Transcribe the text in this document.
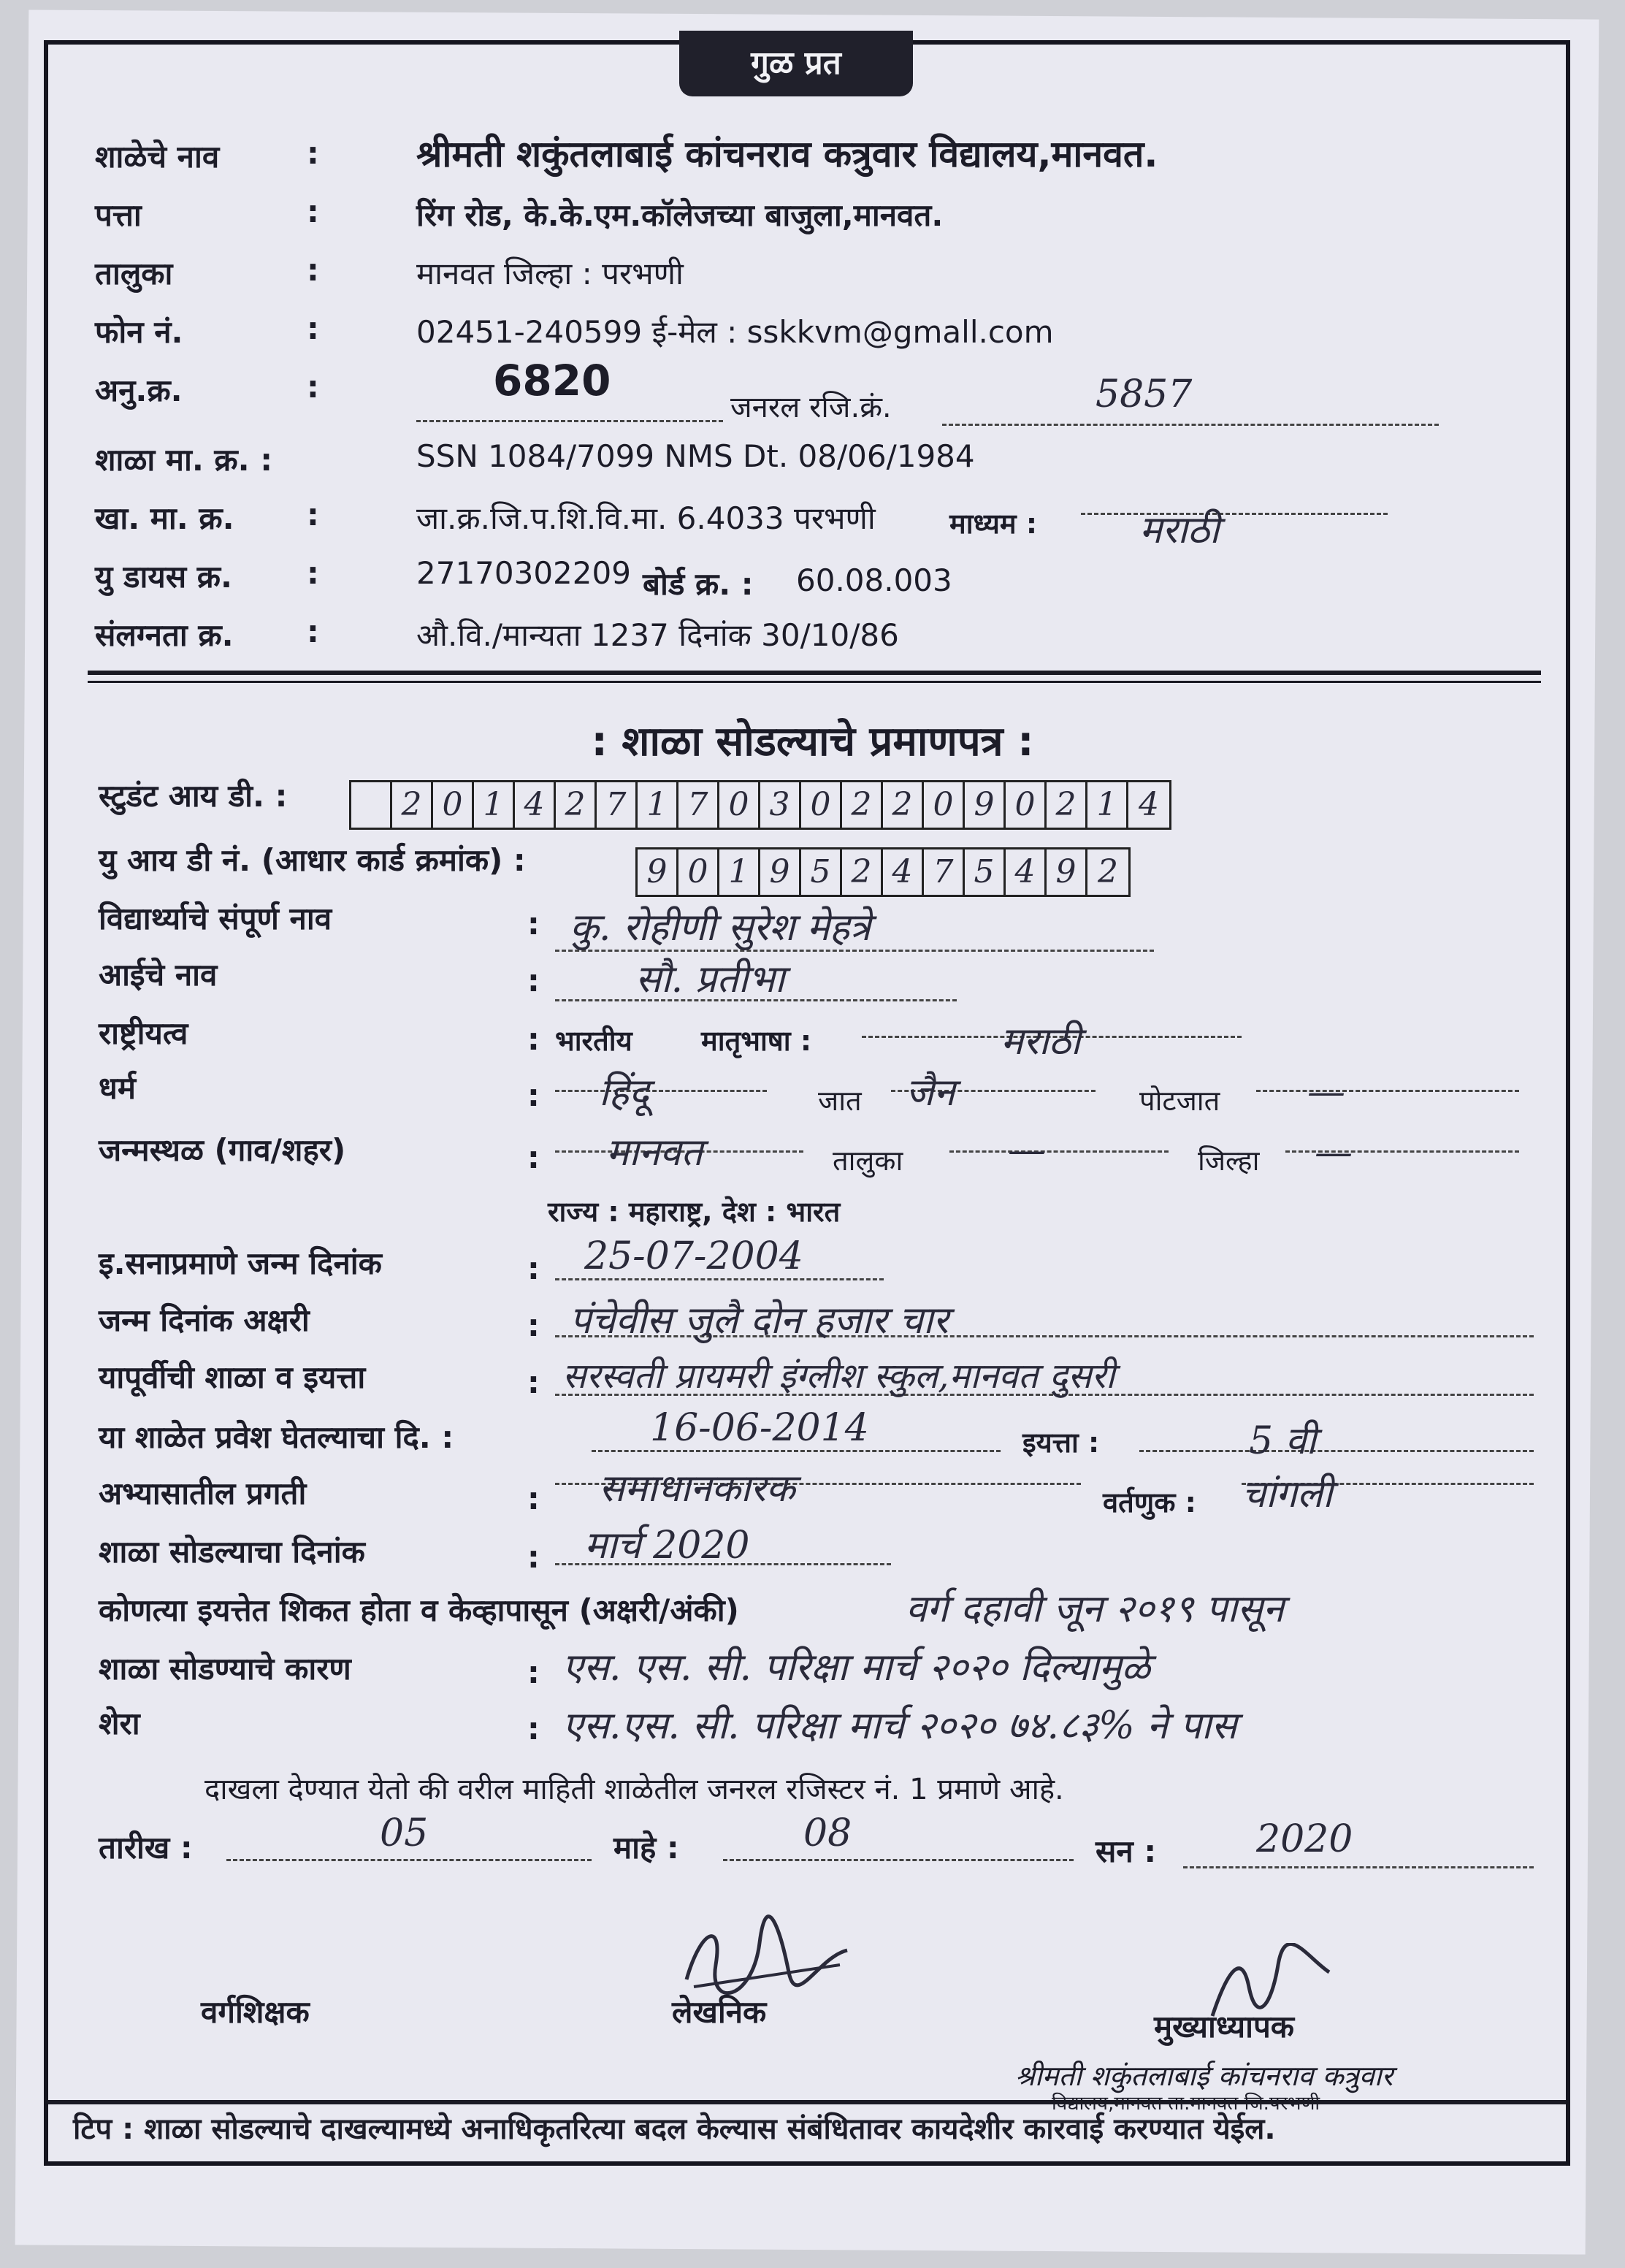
गुळ प्रत
शाळेचे नाव	:	श्रीमती शकुंतलाबाई कांचनराव कत्रुवार विद्यालय,मानवत.
पत्ता	:	रिंग रोड, के.के.एम.कॉलेजच्या बाजुला,मानवत.
तालुका	:	मानवत जिल्हा : परभणी
फोन नं.	:	02451-240599 ई-मेल : sskkvm@gmall.com
अनु.क्र.	:	6820
शाळा मा. क्र. :	SSN 1084/7099 NMS Dt. 08/06/1984
खा. मा. क्र. :	जा.क्र.जि.प.शि.वि.मा. 6.4033 परभणी
यु डायस क्र. :	27170302209
संलग्नता क्र. :	औ.वि./मान्यता 1237 दिनांक 30/10/86
जनरल रजि.क्रं.	5857
माध्यम :	मराठी
बोर्ड क्र. : 60.08.003
: शाळा सोडल्याचे प्रमाणपत्र :
स्टुडंट आय डी. :	2 0 1 4 2 7 1 7 0 3 0 2 2 0 9 0 2 1 4
यु आय डी नं. (आधार कार्ड क्रमांक) :	9 0 1 9 5 2 4 7 5 4 9 2
विद्यार्थ्याचे संपूर्ण नाव	: कु. रोहीणी सुरेश मेहत्रे
आईचे नाव	:	सौ. प्रतीभा
राष्ट्रीयत्व	: भारतीय मातृभाषा :	मराठी
धर्म	: हिंदू	जात जैन	पोटजात —
जन्मस्थळ (गाव/शहर)	: मानवत	तालुका	—	जिल्हा —
राज्य : महाराष्ट्र, देश : भारत
इ.सनाप्रमाणे जन्म दिनांक	: 25-07-2004
जन्म दिनांक अक्षरी	: पंचेवीस जुलै दोन हजार चार
यापूर्वीची शाळा व इयत्ता	: सरस्वती प्रायमरी इंग्लीश स्कुल,मानवत दुसरी
या शाळेत प्रवेश घेतल्याचा दि. :	16-06-2014	इयत्ता :	5 वी
अभ्यासातील प्रगती	: समाधानकारक	वर्तणुक : चांगली
शाळा सोडल्याचा दिनांक	: मार्च 2020
कोणत्या इयत्तेत शिकत होता व केव्हापासून (अक्षरी/अंकी)	वर्ग दहावी जून २०१९ पासून
शाळा सोडण्याचे कारण	: एस. एस. सी. परिक्षा मार्च २०२० दिल्यामुळे
शेरा	: एस.एस. सी. परिक्षा मार्च २०२० ७४.८३% ने पास
दाखला देण्यात येतो की वरील माहिती शाळेतील जनरल रजिस्टर नं. 1 प्रमाणे आहे.
तारीख :	05	माहे :	08	सन :	2020
वर्गशिक्षक	लेखनिक	मुख्याध्यापक
श्रीमती शकुंतलाबाई कांचनराव कत्रुवार
विद्यालय,मानवत ता.मानवत जि.परभणी
टिप : शाळा सोडल्याचे दाखल्यामध्ये अनाधिकृतरित्या बदल केल्यास संबंधितावर कायदेशीर कारवाई करण्यात येईल.
